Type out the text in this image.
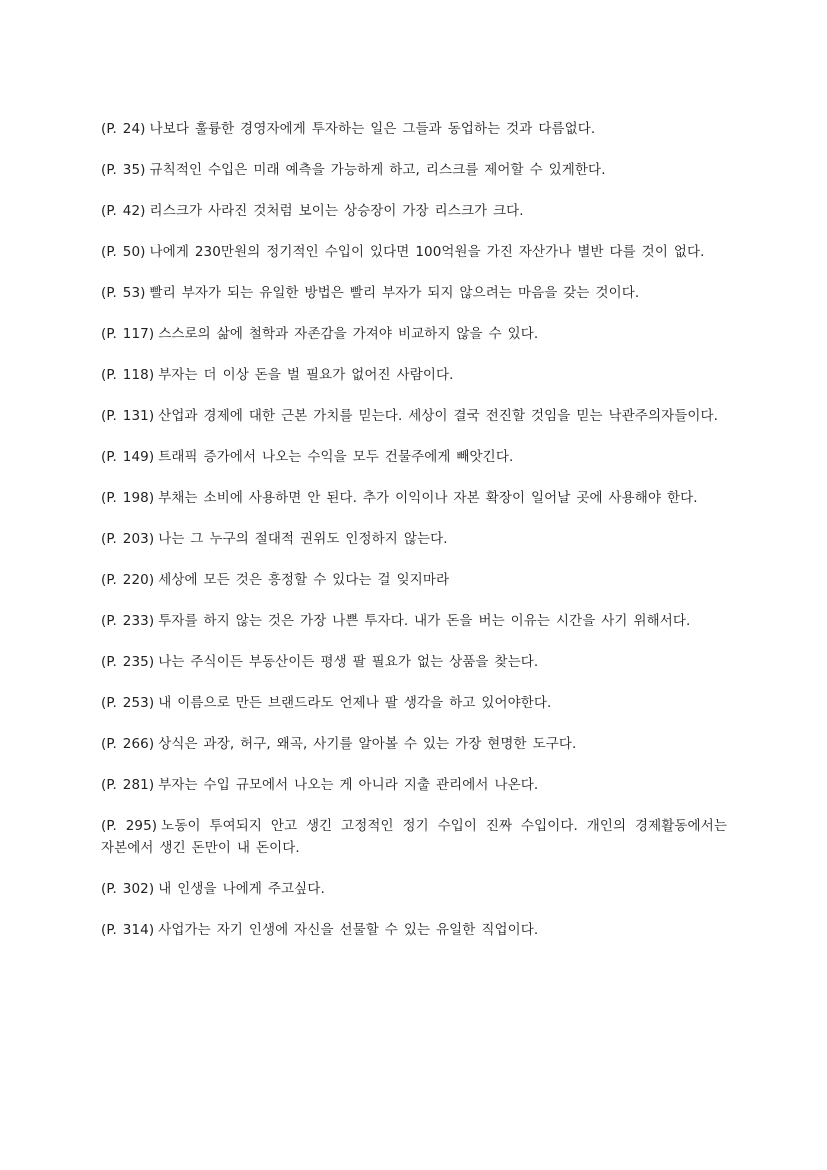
(P. 24) 나보다 훌륭한 경영자에게 투자하는 일은 그들과 동업하는 것과 다름없다.
(P. 35) 규칙적인 수입은 미래 예측을 가능하게 하고, 리스크를 제어할 수 있게한다.
(P. 42) 리스크가 사라진 것처럼 보이는 상승장이 가장 리스크가 크다.
(P. 50) 나에게 230만원의 정기적인 수입이 있다면 100억원을 가진 자산가나 별반 다를 것이 없다.
(P. 53) 빨리 부자가 되는 유일한 방법은 빨리 부자가 되지 않으려는 마음을 갖는 것이다.
(P. 117) 스스로의 삶에 철학과 자존감을 가져야 비교하지 않을 수 있다.
(P. 118) 부자는 더 이상 돈을 벌 필요가 없어진 사람이다.
(P. 131) 산업과 경제에 대한 근본 가치를 믿는다. 세상이 결국 전진할 것임을 믿는 낙관주의자들이다.
(P. 149) 트래픽 증가에서 나오는 수익을 모두 건물주에게 빼앗긴다.
(P. 198) 부채는 소비에 사용하면 안 된다. 추가 이익이나 자본 확장이 일어날 곳에 사용해야 한다.
(P. 203) 나는 그 누구의 절대적 권위도 인정하지 않는다.
(P. 220) 세상에 모든 것은 흥정할 수 있다는 걸 잊지마라
(P. 233) 투자를 하지 않는 것은 가장 나쁜 투자다. 내가 돈을 버는 이유는 시간을 사기 위해서다.
(P. 235) 나는 주식이든 부동산이든 평생 팔 필요가 없는 상품을 찾는다.
(P. 253) 내 이름으로 만든 브랜드라도 언제나 팔 생각을 하고 있어야한다.
(P. 266) 상식은 과장, 허구, 왜곡, 사기를 알아볼 수 있는 가장 현명한 도구다.
(P. 281) 부자는 수입 규모에서 나오는 게 아니라 지출 관리에서 나온다.
(P. 295) 노동이 투여되지 안고 생긴 고정적인 정기 수입이 진짜 수입이다. 개인의 경제활동에서는 자본에서 생긴 돈만이 내 돈이다.
(P. 302) 내 인생을 나에게 주고싶다.
(P. 314) 사업가는 자기 인생에 자신을 선물할 수 있는 유일한 직업이다.
